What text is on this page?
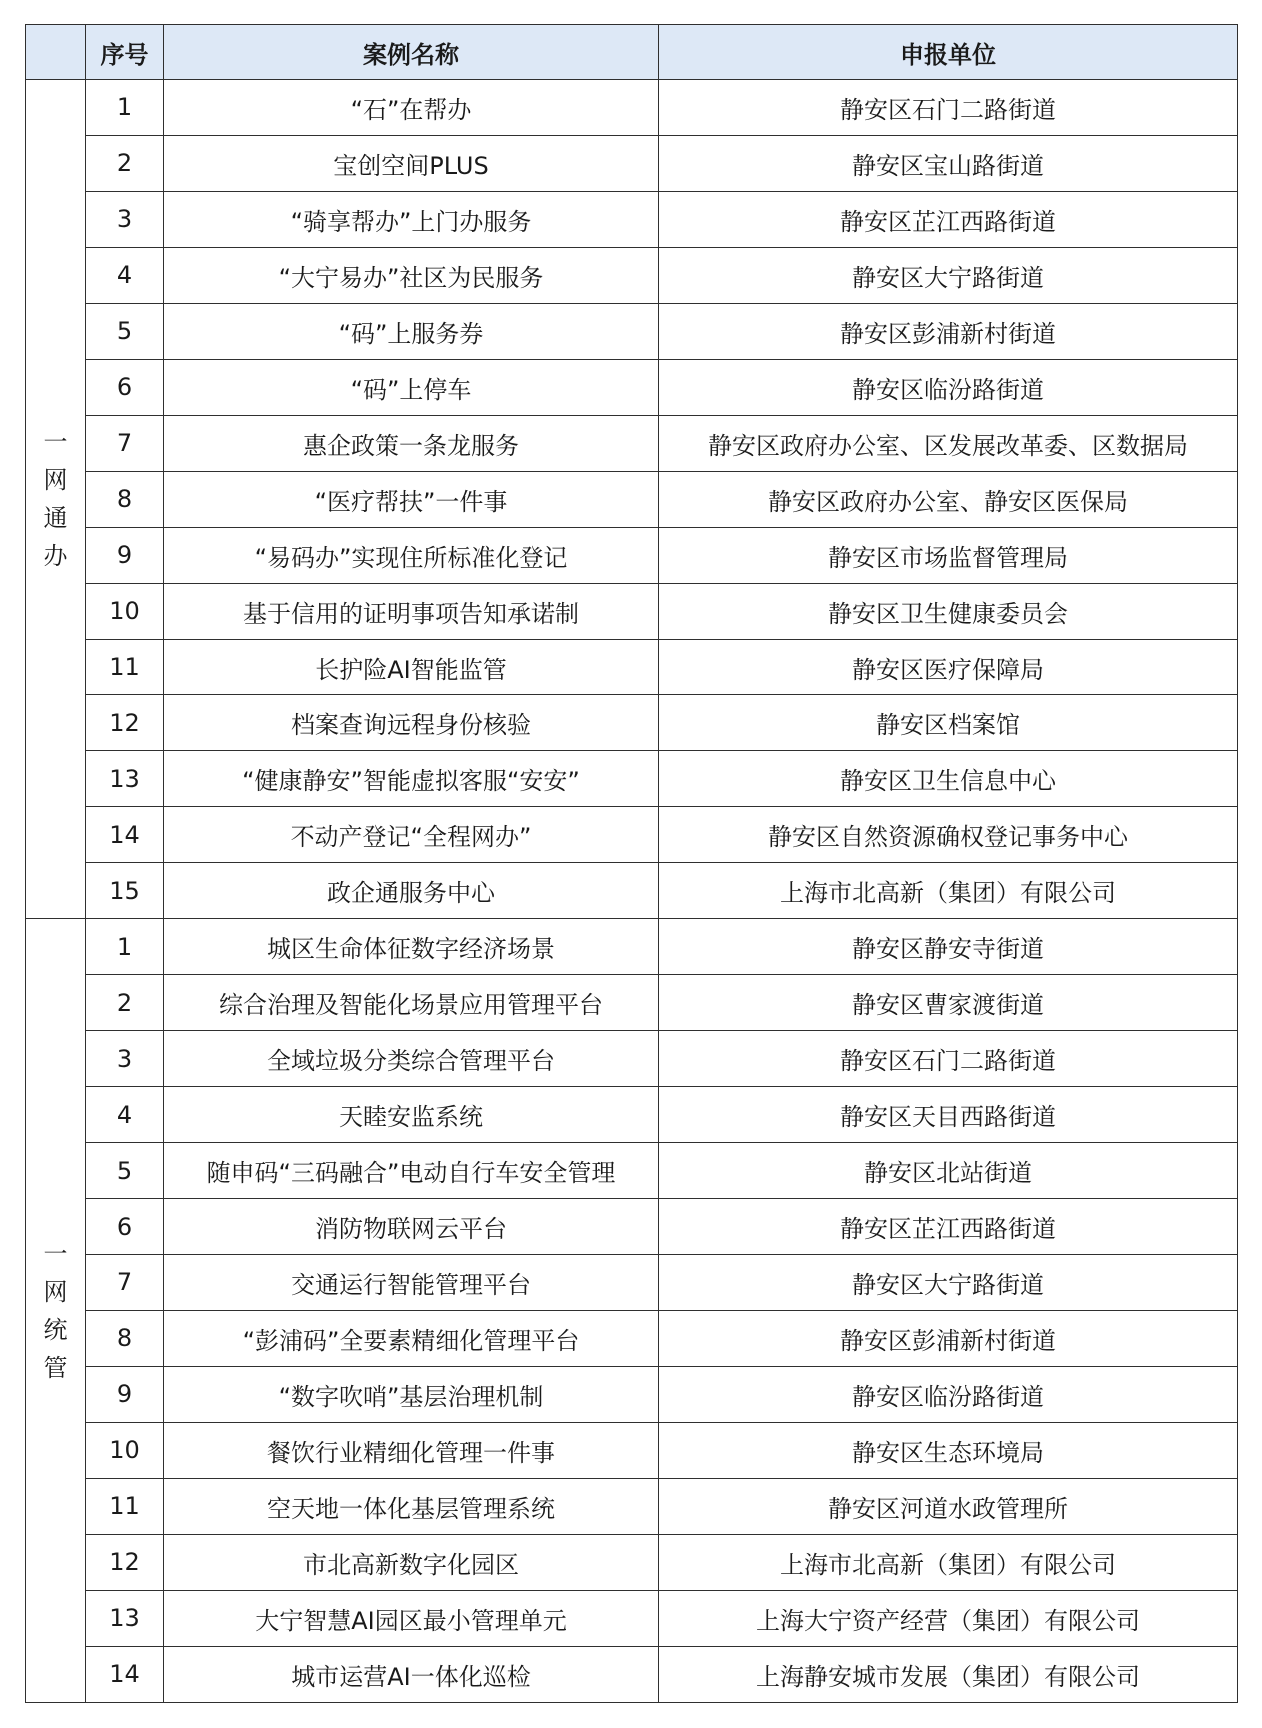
	序号	案例名称	申报单位
一网通办	1	“石”在帮办	静安区石门二路街道
	2	宝创空间PLUS	静安区宝山路街道
	3	“骑享帮办”上门办服务	静安区芷江西路街道
	4	“大宁易办”社区为民服务	静安区大宁路街道
	5	“码”上服务券	静安区彭浦新村街道
	6	“码”上停车	静安区临汾路街道
	7	惠企政策一条龙服务	静安区政府办公室、区发展改革委、区数据局
	8	“医疗帮扶”一件事	静安区政府办公室、静安区医保局
	9	“易码办”实现住所标准化登记	静安区市场监督管理局
	10	基于信用的证明事项告知承诺制	静安区卫生健康委员会
	11	长护险AI智能监管	静安区医疗保障局
	12	档案查询远程身份核验	静安区档案馆
	13	“健康静安”智能虚拟客服“安安”	静安区卫生信息中心
	14	不动产登记“全程网办”	静安区自然资源确权登记事务中心
	15	政企通服务中心	上海市北高新（集团）有限公司
一网统管	1	城区生命体征数字经济场景	静安区静安寺街道
	2	综合治理及智能化场景应用管理平台	静安区曹家渡街道
	3	全域垃圾分类综合管理平台	静安区石门二路街道
	4	天睦安监系统	静安区天目西路街道
	5	随申码“三码融合”电动自行车安全管理	静安区北站街道
	6	消防物联网云平台	静安区芷江西路街道
	7	交通运行智能管理平台	静安区大宁路街道
	8	“彭浦码”全要素精细化管理平台	静安区彭浦新村街道
	9	“数字吹哨”基层治理机制	静安区临汾路街道
	10	餐饮行业精细化管理一件事	静安区生态环境局
	11	空天地一体化基层管理系统	静安区河道水政管理所
	12	市北高新数字化园区	上海市北高新（集团）有限公司
	13	大宁智慧AI园区最小管理单元	上海大宁资产经营（集团）有限公司
	14	城市运营AI一体化巡检	上海静安城市发展（集团）有限公司
